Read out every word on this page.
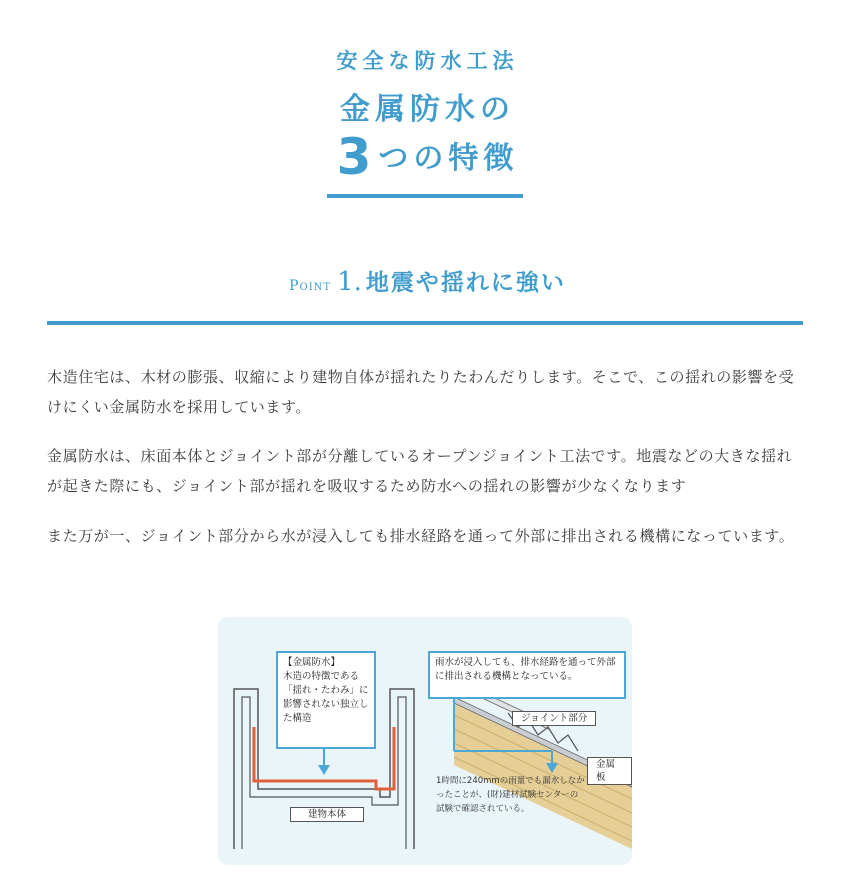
安全な防水工法
金属防水の
3つの特徴
Point 1. 地震や揺れに強い

木造住宅は、木材の膨張、収縮により建物自体が揺れたりたわんだりします。そこで、この揺れの影響を受けにくい金属防水を採用しています。

金属防水は、床面本体とジョイント部が分離しているオープンジョイント工法です。地震などの大きな揺れが起きた際にも、ジョイント部が揺れを吸収するため防水への揺れの影響が少なくなります

また万が一、ジョイント部分から水が浸入しても排水経路を通って外部に排出される機構になっています。

【金属防水】
木造の特徴である「揺れ・たわみ」に影響されない独立した構造
建物本体
雨水が浸入しても、排水経路を通って外部に排出される機構となっている。
ジョイント部分
金属板
1時間に240mmの雨量でも漏水しなかったことが、(財)建材試験センターの試験で確認されている。
